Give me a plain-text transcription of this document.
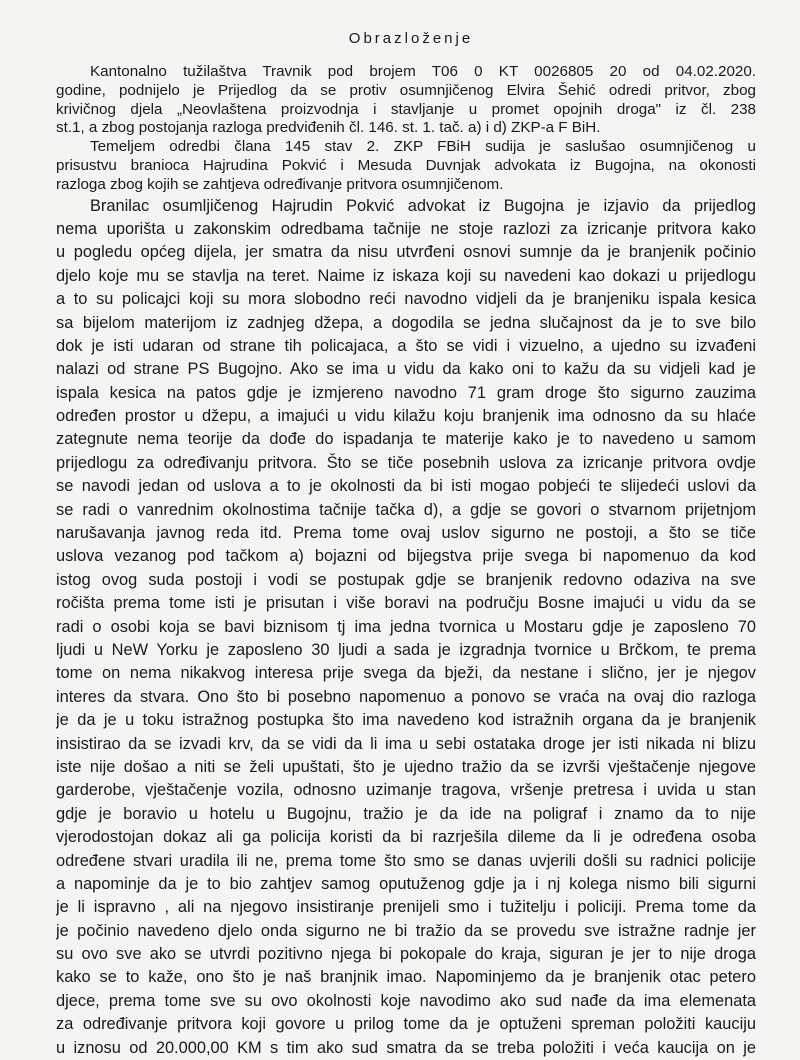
Obrazloženje
Kantonalno tužilaštva Travnik pod brojem T06 0 KT 0026805 20 od 04.02.2020.
godine, podnijelo je Prijedlog da se protiv osumnjičenog Elvira Šehić odredi pritvor, zbog
krivičnog djela „Neovlaštena proizvodnja i stavljanje u promet opojnih droga" iz čl. 238
st.1, a zbog postojanja razloga predviđenih čl. 146. st. 1. tač. a) i d) ZKP-a F BiH.
Temeljem odredbi člana 145 stav 2. ZKP FBiH sudija je saslušao osumnjičenog u
prisustvu branioca Hajrudina Pokvić i Mesuda Duvnjak advokata iz Bugojna, na okonosti
razloga zbog kojih se zahtjeva određivanje pritvora osumnjičenom.
Branilac osumljičenog Hajrudin Pokvić advokat iz Bugojna je izjavio da prijedlog
nema uporišta u zakonskim odredbama tačnije ne stoje razlozi za izricanje pritvora kako
u pogledu općeg dijela, jer smatra da nisu utvrđeni osnovi sumnje da je branjenik počinio
djelo koje mu se stavlja na teret. Naime iz iskaza koji su navedeni kao dokazi u prijedlogu
a to su policajci koji su mora slobodno reći navodno vidjeli da je branjeniku ispala kesica
sa bijelom materijom iz zadnjeg džepa, a dogodila se jedna slučajnost da je to sve bilo
dok je isti udaran od strane tih policajaca, a što se vidi i vizuelno, a ujedno su izvađeni
nalazi od strane PS Bugojno. Ako se ima u vidu da kako oni to kažu da su vidjeli kad je
ispala kesica na patos gdje je izmjereno navodno 71 gram droge što sigurno zauzima
određen prostor u džepu, a imajući u vidu kilažu koju branjenik ima odnosno da su hlaće
zategnute nema teorije da dođe do ispadanja te materije kako je to navedeno u samom
prijedlogu za određivanju pritvora. Što se tiče posebnih uslova za izricanje pritvora ovdje
se navodi jedan od uslova a to je okolnosti da bi isti mogao pobjeći te slijedeći uslovi da
se radi o vanrednim okolnostima tačnije tačka d), a gdje se govori o stvarnom prijetnjom
narušavanja javnog reda itd. Prema tome ovaj uslov sigurno ne postoji, a što se tiče
uslova vezanog pod tačkom a) bojazni od bijegstva prije svega bi napomenuo da kod
istog ovog suda postoji i vodi se postupak gdje se branjenik redovno odaziva na sve
ročišta prema tome isti je prisutan i više boravi na području Bosne imajući u vidu da se
radi o osobi koja se bavi biznisom tj ima jedna tvornica u Mostaru gdje je zaposleno 70
ljudi u NeW Yorku je zaposleno 30 ljudi a sada je izgradnja tvornice u Brčkom, te prema
tome on nema nikakvog interesa prije svega da bježi, da nestane i slično, jer je njegov
interes da stvara. Ono što bi posebno napomenuo a ponovo se vraća na ovaj dio razloga
je da je u toku istražnog postupka što ima navedeno kod istražnih organa da je branjenik
insistirao da se izvadi krv, da se vidi da li ima u sebi ostataka droge jer isti nikada ni blizu
iste nije došao a niti se želi upuštati, što je ujedno tražio da se izvrši vještačenje njegove
garderobe, vještačenje vozila, odnosno uzimanje tragova, vršenje pretresa i uvida u stan
gdje je boravio u hotelu u Bugojnu, tražio je da ide na poligraf i znamo da to nije
vjerodostojan dokaz ali ga policija koristi da bi razrješila dileme da li je određena osoba
određene stvari uradila ili ne, prema tome što smo se danas uvjerili došli su radnici policije
a napominje da je to bio zahtjev samog oputuženog gdje ja i nj kolega nismo bili sigurni
je li ispravno , ali na njegovo insistiranje prenijeli smo i tužitelju i policiji. Prema tome da
je počinio navedeno djelo onda sigurno ne bi tražio da se provedu sve istražne radnje jer
su ovo sve ako se utvrdi pozitivno njega bi pokopale do kraja, siguran je jer to nije droga
kako se to kaže, ono što je naš branjnik imao. Napominjemo da je branjenik otac petero
djece, prema tome sve su ovo okolnosti koje navodimo ako sud nađe da ima elemenata
za određivanje pritvora koji govore u prilog tome da je optuženi spreman položiti kauciju
u iznosu od 20.000,00 KM s tim ako sud smatra da se treba položiti i veća kaucija on je
